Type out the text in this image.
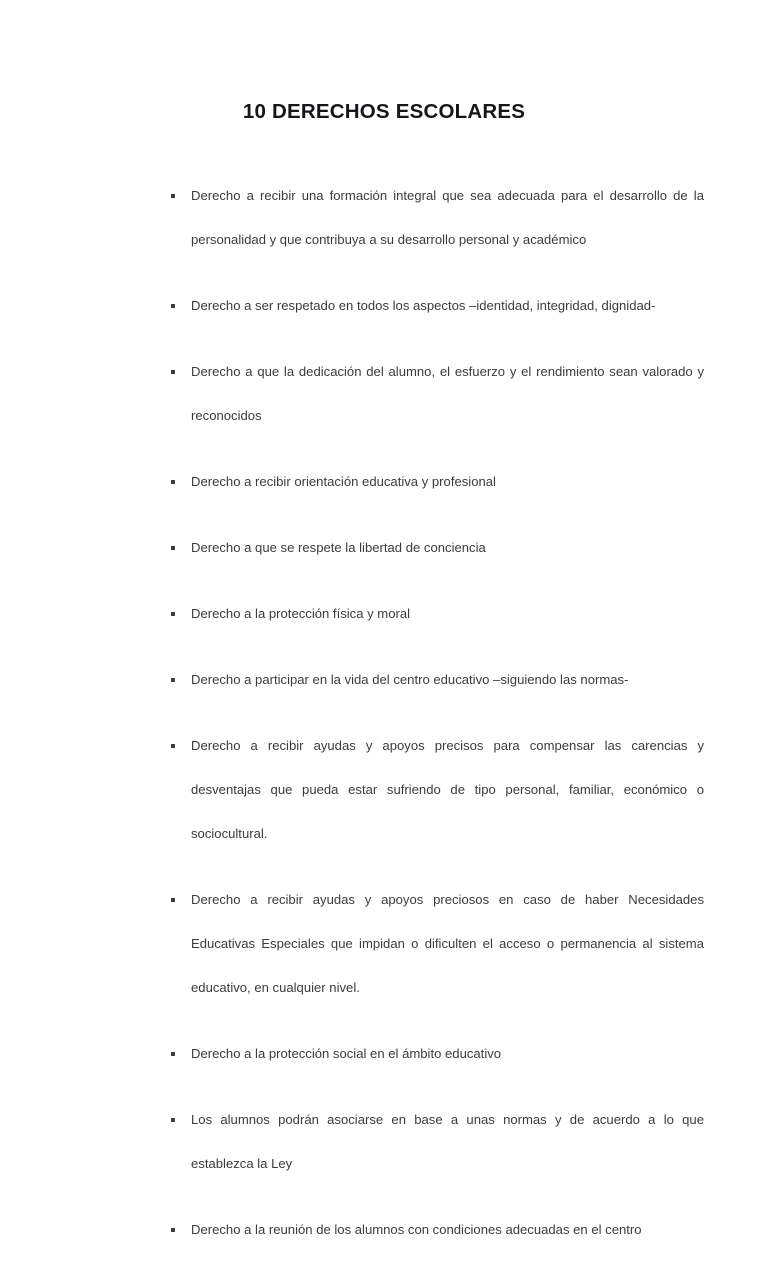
10 DERECHOS ESCOLARES
Derecho a recibir una formación integral que sea adecuada para el desarrollo de la personalidad y que contribuya a su desarrollo personal y académico
Derecho a ser respetado en todos los aspectos –identidad, integridad, dignidad-
Derecho a que la dedicación del alumno, el esfuerzo y el rendimiento sean valorado y reconocidos
Derecho a recibir orientación educativa y profesional
Derecho a que se respete la libertad de conciencia
Derecho a la protección física y moral
Derecho a participar en la vida del centro educativo –siguiendo las normas-
Derecho a recibir ayudas y apoyos precisos para compensar las carencias y desventajas que pueda estar sufriendo de tipo personal, familiar, económico o sociocultural.
Derecho a recibir ayudas y apoyos preciosos en caso de haber Necesidades Educativas Especiales que impidan o dificulten el acceso o permanencia al sistema educativo, en cualquier nivel.
Derecho a la protección social en el ámbito educativo
Los alumnos podrán asociarse en base a unas normas y de acuerdo a lo que establezca la Ley
Derecho a la reunión de los alumnos con condiciones adecuadas en el centro
